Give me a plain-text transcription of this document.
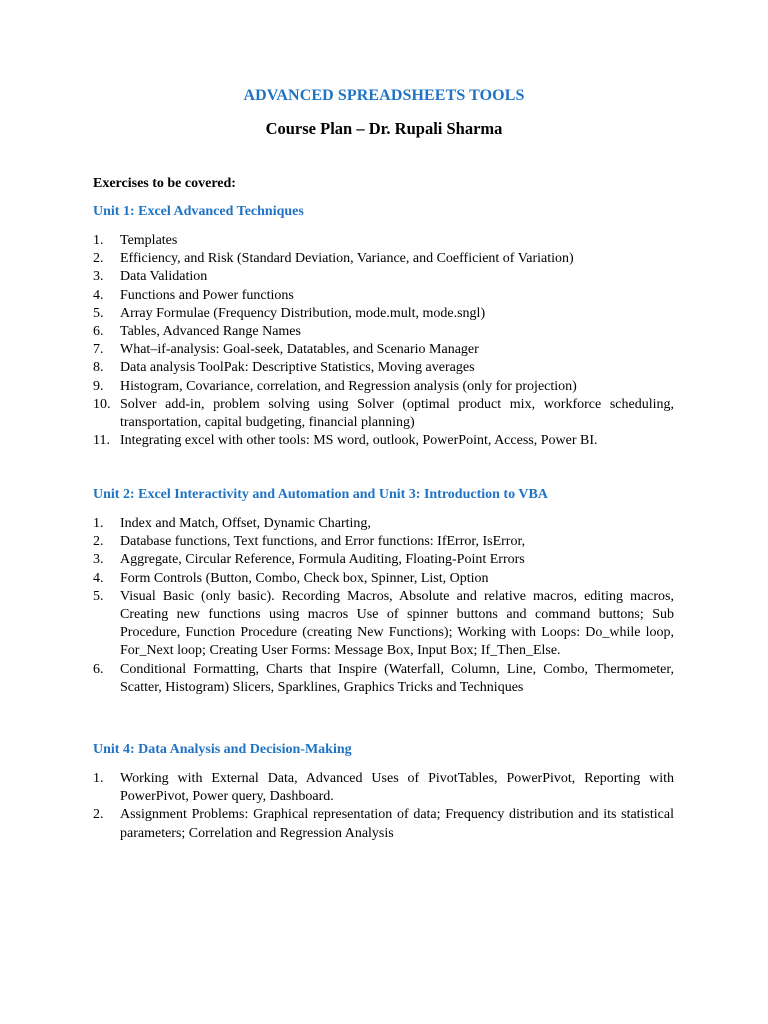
ADVANCED SPREADSHEETS TOOLS
Course Plan – Dr. Rupali Sharma
Exercises to be covered:
Unit 1: Excel Advanced Techniques
1. Templates
2. Efficiency, and Risk (Standard Deviation, Variance, and Coefficient of Variation)
3. Data Validation
4. Functions and Power functions
5. Array Formulae (Frequency Distribution, mode.mult, mode.sngl)
6. Tables, Advanced Range Names
7. What–if-analysis: Goal-seek, Datatables, and Scenario Manager
8. Data analysis ToolPak: Descriptive Statistics, Moving averages
9. Histogram, Covariance, correlation, and Regression analysis (only for projection)
10. Solver add-in, problem solving using Solver (optimal product mix, workforce scheduling, transportation, capital budgeting, financial planning)
11. Integrating excel with other tools: MS word, outlook, PowerPoint, Access, Power BI.
Unit 2: Excel Interactivity and Automation and Unit 3: Introduction to VBA
1. Index and Match, Offset, Dynamic Charting,
2. Database functions, Text functions, and Error functions: IfError, IsError,
3. Aggregate, Circular Reference, Formula Auditing, Floating-Point Errors
4. Form Controls (Button, Combo, Check box, Spinner, List, Option
5. Visual Basic (only basic). Recording Macros, Absolute and relative macros, editing macros, Creating new functions using macros Use of spinner buttons and command buttons; Sub Procedure, Function Procedure (creating New Functions); Working with Loops: Do_while loop, For_Next loop; Creating User Forms: Message Box, Input Box; If_Then_Else.
6. Conditional Formatting, Charts that Inspire (Waterfall, Column, Line, Combo, Thermometer, Scatter, Histogram) Slicers, Sparklines, Graphics Tricks and Techniques
Unit 4: Data Analysis and Decision-Making
1. Working with External Data, Advanced Uses of PivotTables, PowerPivot, Reporting with PowerPivot, Power query, Dashboard.
2. Assignment Problems: Graphical representation of data; Frequency distribution and its statistical parameters; Correlation and Regression Analysis
